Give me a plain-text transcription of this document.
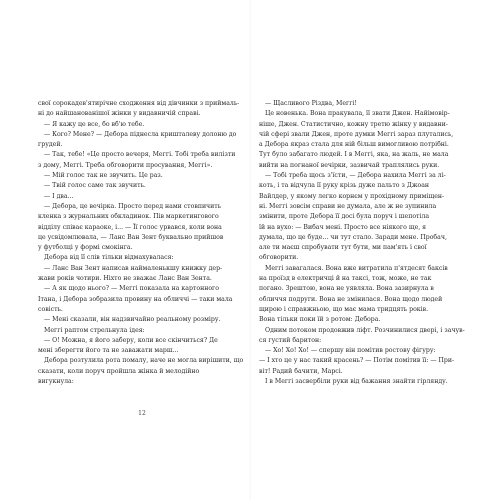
свої сорокадев'ятирічне сходження від дівчинки з приймаль-

ні до найшанованішої жінки у видавничій справі.

— Я кажу це все, бо вб'ю тебе.

— Кого? Мене? — Дебора піднесла кришталеву долоню до

грудей.

— Так, тебе! «Це просто вечеря, Меггі. Тобі треба вилізти

з дому, Меггі. Треба обговорити просування, Меггі».

— Мій голос так не звучить. Це раз.

— Твій голос саме так звучить.

— І два...

— Дебора, це вечірка. Просто перед нами стовпичить

кленка з журнальних обкладинок. Пів маркетингового

відділу співає караоке, і... — Її голос урвався, коли вона

це усвідомлювала, — Ланс Ван Зент буквально прийшов

у футболці у формі смокінга.

Дебора від її слів тільки відмахувалася:

— Ланс Ван Зент написав наймаленькшу книжку дер-

жави років чотири. Ніхто не зважає Ланс Ван Зента.

— А як щодо нього? — Меггі показала на картонного

Ітана, і Дебора зобразила провину на обличчі — таки мала

совість.

— Мені сказали, він надзвичайно реальному розміру.

Меггі раптом стрельнула ідея:

— О! Можна, я його заберу, коли все скінчиться? Де

мені зберегти його та не заважати марш...

Дебора розтулила рота помалу, наче не могла вирішити, що

сказати, коли поруч пройшла жінка й мелодійно

вигукнула:

12

— Щасливого Різдва, Меггі!

Це новенька. Вона пракувала, її звати Джен. Найімовір-

ніше, Джен. Статистично, кожну третю жінку у видавни-

чій сфері звали Джен, проте думки Меггі зараз плутались,

а Дебора якраз стала для ній більш вимогливою потрібні.

Тут було забагато людей. І в Меггі, яка, на жаль, не мала

вийти на погнаної вечірки, зазвичай траплялись руки.

— Тобі треба щось з'їсти, — Дебора нахила Меггі за лі-

коть, і та відчула її руку крізь дуже пальто з Джоан

Вайлдер, у якому легко корнєм у прохідному приміщен-

ні. Меггі зовсім справи не думала, але ж не зупинила

змінити, проте Дебора її досі була поруч і шепотіла

їй на вухо: — Вибач мені. Просто все ніякого ще, я

думала, що це буде... чи тут стало. Заради мене. Пробач,

але ти маєш спробувати тут бути, ми пам'ять і свої

обговорити.

Меггі завагалася. Вона вже витратила п'ятдесят баксів

на проїзд в електричці й на таксі, тож, може, не так

погано. Зрештою, вона не уявляла. Вона зазирнула в

обличчя подруги. Вона не змінилася. Вона щодо людей

щирою і справжньою, що має мама тридцять років.

Вона тільки поки їй з ротом: Дебора.

Одним потоком продовжив ліфт. Розчинилися двері, і зачув-

ся густий баритон:

— Хо! Хо! Хо! — спершу він помітив ростову фігуру:

— І хто це у нас такий красень? — Потім помітив її: — При-

віт! Радий бачити, Марсі.

І в Меггі засвербіли руки від бажання знайти гірлянду.
